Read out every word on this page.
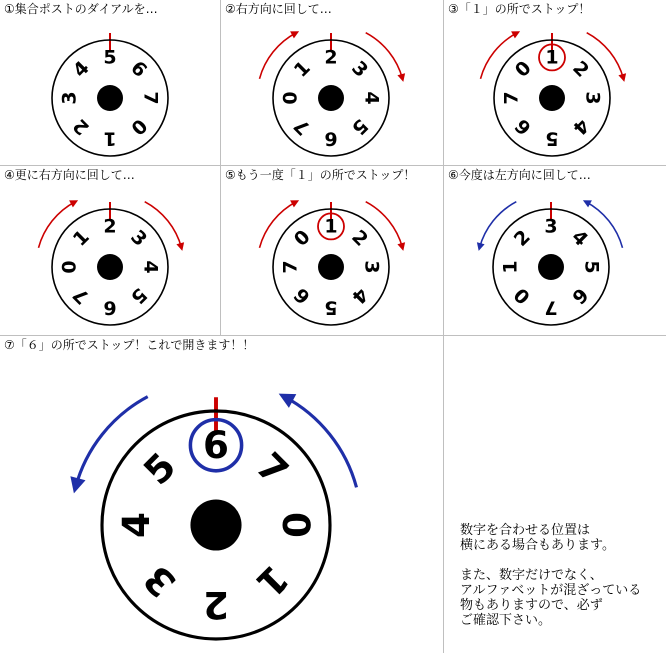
①集合ポストのダイアルを…
0
1
2
3
4 5 6
7
②右方向に回して…
0
1 2 3
4
5
6
7
③「１」の所でストップ！
0 1 2
3
4
5
6
7
④更に右方向に回して…
0
1 2 3
4
5
6
7
⑤もう一度「１」の所でストップ！
0 1 2
3
4
5
6
7
⑥今度は左方向に回して…
0
1
2 3 4
5
6
7
⑦「６」の所でストップ！これで開きます！！
0
1
2
3
4
5 6 7
数字を合わせる位置は
横にある場合もあります。
また、数字だけでなく、
アルファベットが混ざっている
物もありますので、必ず
ご確認下さい。
